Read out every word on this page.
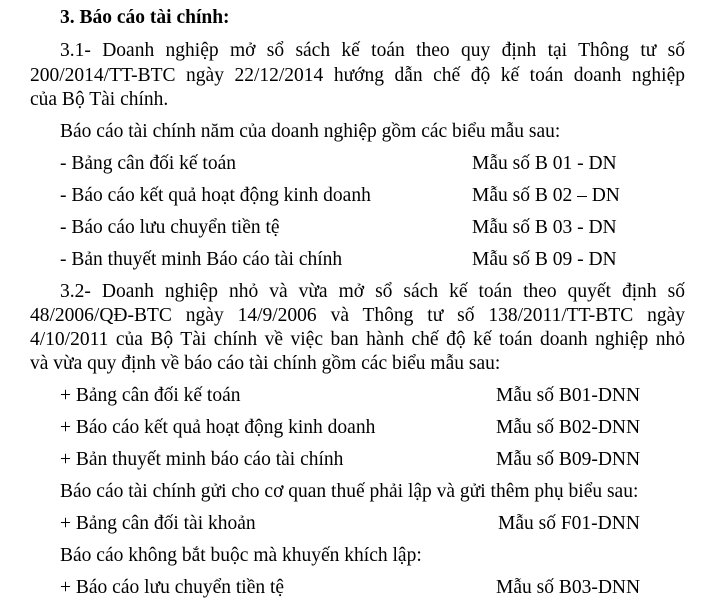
3. Báo cáo tài chính:
3.1- Doanh nghiệp mở sổ sách kế toán theo quy định tại Thông tư số
200/2014/TT-BTC ngày 22/12/2014 hướng dẫn chế độ kế toán doanh nghiệp
của Bộ Tài chính.
Báo cáo tài chính năm của doanh nghiệp gồm các biểu mẫu sau:
- Bảng cân đối kế toán	Mẫu số B 01 - DN
- Báo cáo kết quả hoạt động kinh doanh	Mẫu số B 02 – DN
- Báo cáo lưu chuyển tiền tệ	Mẫu số B 03 - DN
- Bản thuyết minh Báo cáo tài chính	Mẫu số B 09 - DN
3.2- Doanh nghiệp nhỏ và vừa mở sổ sách kế toán theo quyết định số
48/2006/QĐ-BTC ngày 14/9/2006 và Thông tư số 138/2011/TT-BTC ngày
4/10/2011 của Bộ Tài chính về việc ban hành chế độ kế toán doanh nghiệp nhỏ
và vừa quy định về báo cáo tài chính gồm các biểu mẫu sau:
+ Bảng cân đối kế toán	Mẫu số B01-DNN
+ Báo cáo kết quả hoạt động kinh doanh	Mẫu số B02-DNN
+ Bản thuyết minh báo cáo tài chính	Mẫu số B09-DNN
Báo cáo tài chính gửi cho cơ quan thuế phải lập và gửi thêm phụ biểu sau:
+ Bảng cân đối tài khoản	Mẫu số F01-DNN
Báo cáo không bắt buộc mà khuyến khích lập:
+ Báo cáo lưu chuyển tiền tệ	Mẫu số B03-DNN
